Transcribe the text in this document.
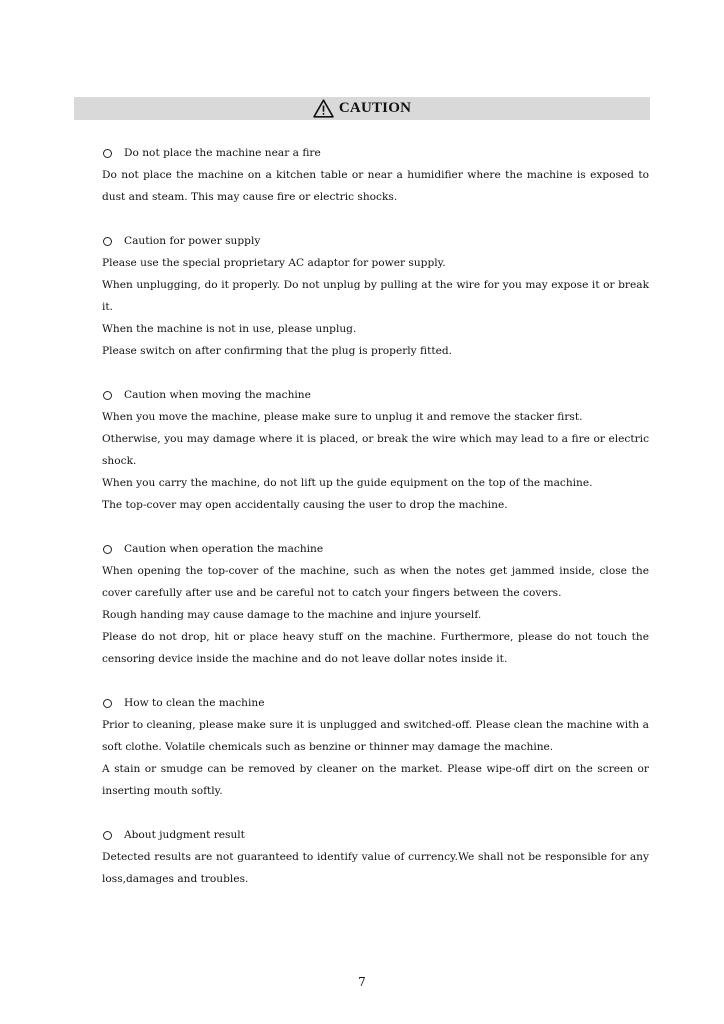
CAUTION
Do not place the machine near a fire

Do not place the machine on a kitchen table or near a humidifier where the machine is exposed to dust and steam. This may cause fire or electric shocks.

Caution for power supply

Please use the special proprietary AC adaptor for power supply.

When unplugging, do it properly. Do not unplug by pulling at the wire for you may expose it or break it.

When the machine is not in use, please unplug.

Please switch on after confirming that the plug is properly fitted.

Caution when moving the machine

When you move the machine, please make sure to unplug it and remove the stacker first.

Otherwise, you may damage where it is placed, or break the wire which may lead to a fire or electric shock.

When you carry the machine, do not lift up the guide equipment on the top of the machine.

The top-cover may open accidentally causing the user to drop the machine.

Caution when operation the machine

When opening the top-cover of the machine, such as when the notes get jammed inside, close the cover carefully after use and be careful not to catch your fingers between the covers.

Rough handing may cause damage to the machine and injure yourself.

Please do not drop, hit or place heavy stuff on the machine. Furthermore, please do not touch the censoring device inside the machine and do not leave dollar notes inside it.

How to clean the machine

Prior to cleaning, please make sure it is unplugged and switched-off. Please clean the machine with a soft clothe. Volatile chemicals such as benzine or thinner may damage the machine.

A stain or smudge can be removed by cleaner on the market. Please wipe-off dirt on the screen or inserting mouth softly.

About judgment result

Detected results are not guaranteed to identify value of currency.We shall not be responsible for any loss,damages and troubles.

7
